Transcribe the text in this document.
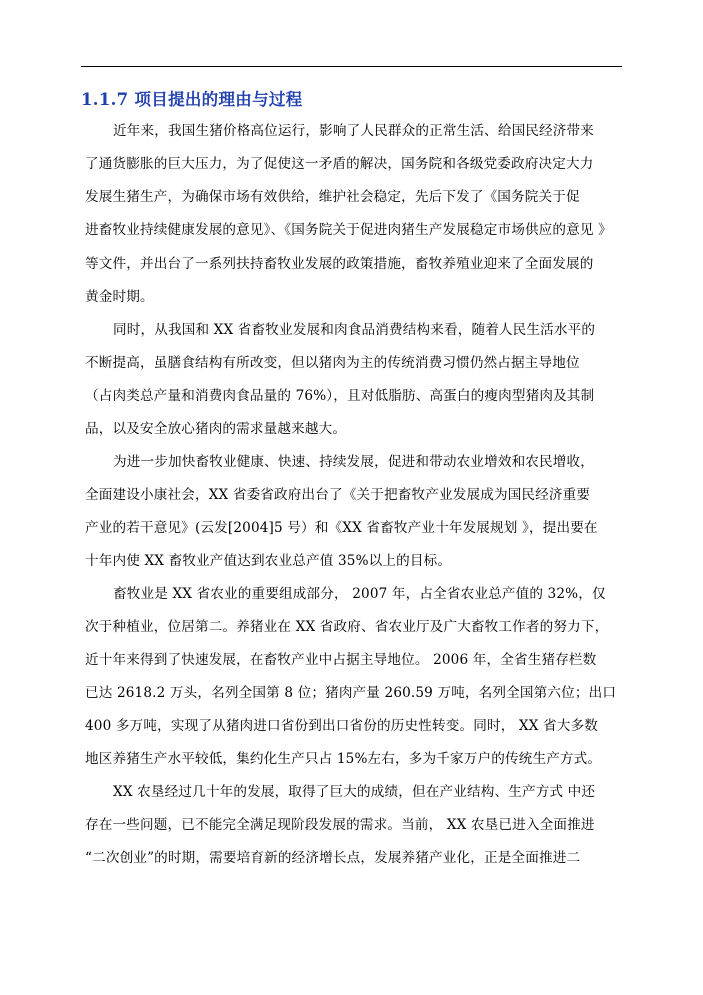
1.1.7 项目提出的理由与过程
近年来，我国生猪价格高位运行，影响了人民群众的正常生活、给国民经济带来
了通货膨胀的巨大压力，为了促使这一矛盾的解决，国务院和各级党委政府决定大力
发展生猪生产，为确保市场有效供给，维护社会稳定，先后下发了《国务院关于促
进畜牧业持续健康发展的意见》、《国务院关于促进肉猪生产发展稳定市场供应的意见 》
等文件，并出台了一系列扶持畜牧业发展的政策措施，畜牧养殖业迎来了全面发展的
黄金时期。
同时，从我国和 XX 省畜牧业发展和肉食品消费结构来看，随着人民生活水平的
不断提高，虽膳食结构有所改变，但以猪肉为主的传统消费习惯仍然占据主导地位
（占肉类总产量和消费肉食品量的 76%），且对低脂肪、高蛋白的瘦肉型猪肉及其制
品，以及安全放心猪肉的需求量越来越大。
为进一步加快畜牧业健康、快速、持续发展，促进和带动农业增效和农民增收，
全面建设小康社会，XX 省委省政府出台了《关于把畜牧产业发展成为国民经济重要
产业的若干意见》(云发[2004]5 号）和《XX 省畜牧产业十年发展规划 》，提出要在
十年内使 XX 畜牧业产值达到农业总产值 35%以上的目标。
畜牧业是 XX 省农业的重要组成部分， 2007 年，占全省农业总产值的 32%，仅
次于种植业，位居第二。养猪业在 XX 省政府、省农业厅及广大畜牧工作者的努力下，
近十年来得到了快速发展，在畜牧产业中占据主导地位。 2006 年，全省生猪存栏数
已达 2618.2 万头，名列全国第 8 位；猪肉产量 260.59 万吨，名列全国第六位；出口
400 多万吨，实现了从猪肉进口省份到出口省份的历史性转变。同时， XX 省大多数
地区养猪生产水平较低，集约化生产只占 15%左右，多为千家万户的传统生产方式。
XX 农垦经过几十年的发展，取得了巨大的成绩，但在产业结构、生产方式 中还
存在一些问题，已不能完全满足现阶段发展的需求。当前， XX 农垦已进入全面推进
“二次创业”的时期，需要培育新的经济增长点，发展养猪产业化，正是全面推进二
